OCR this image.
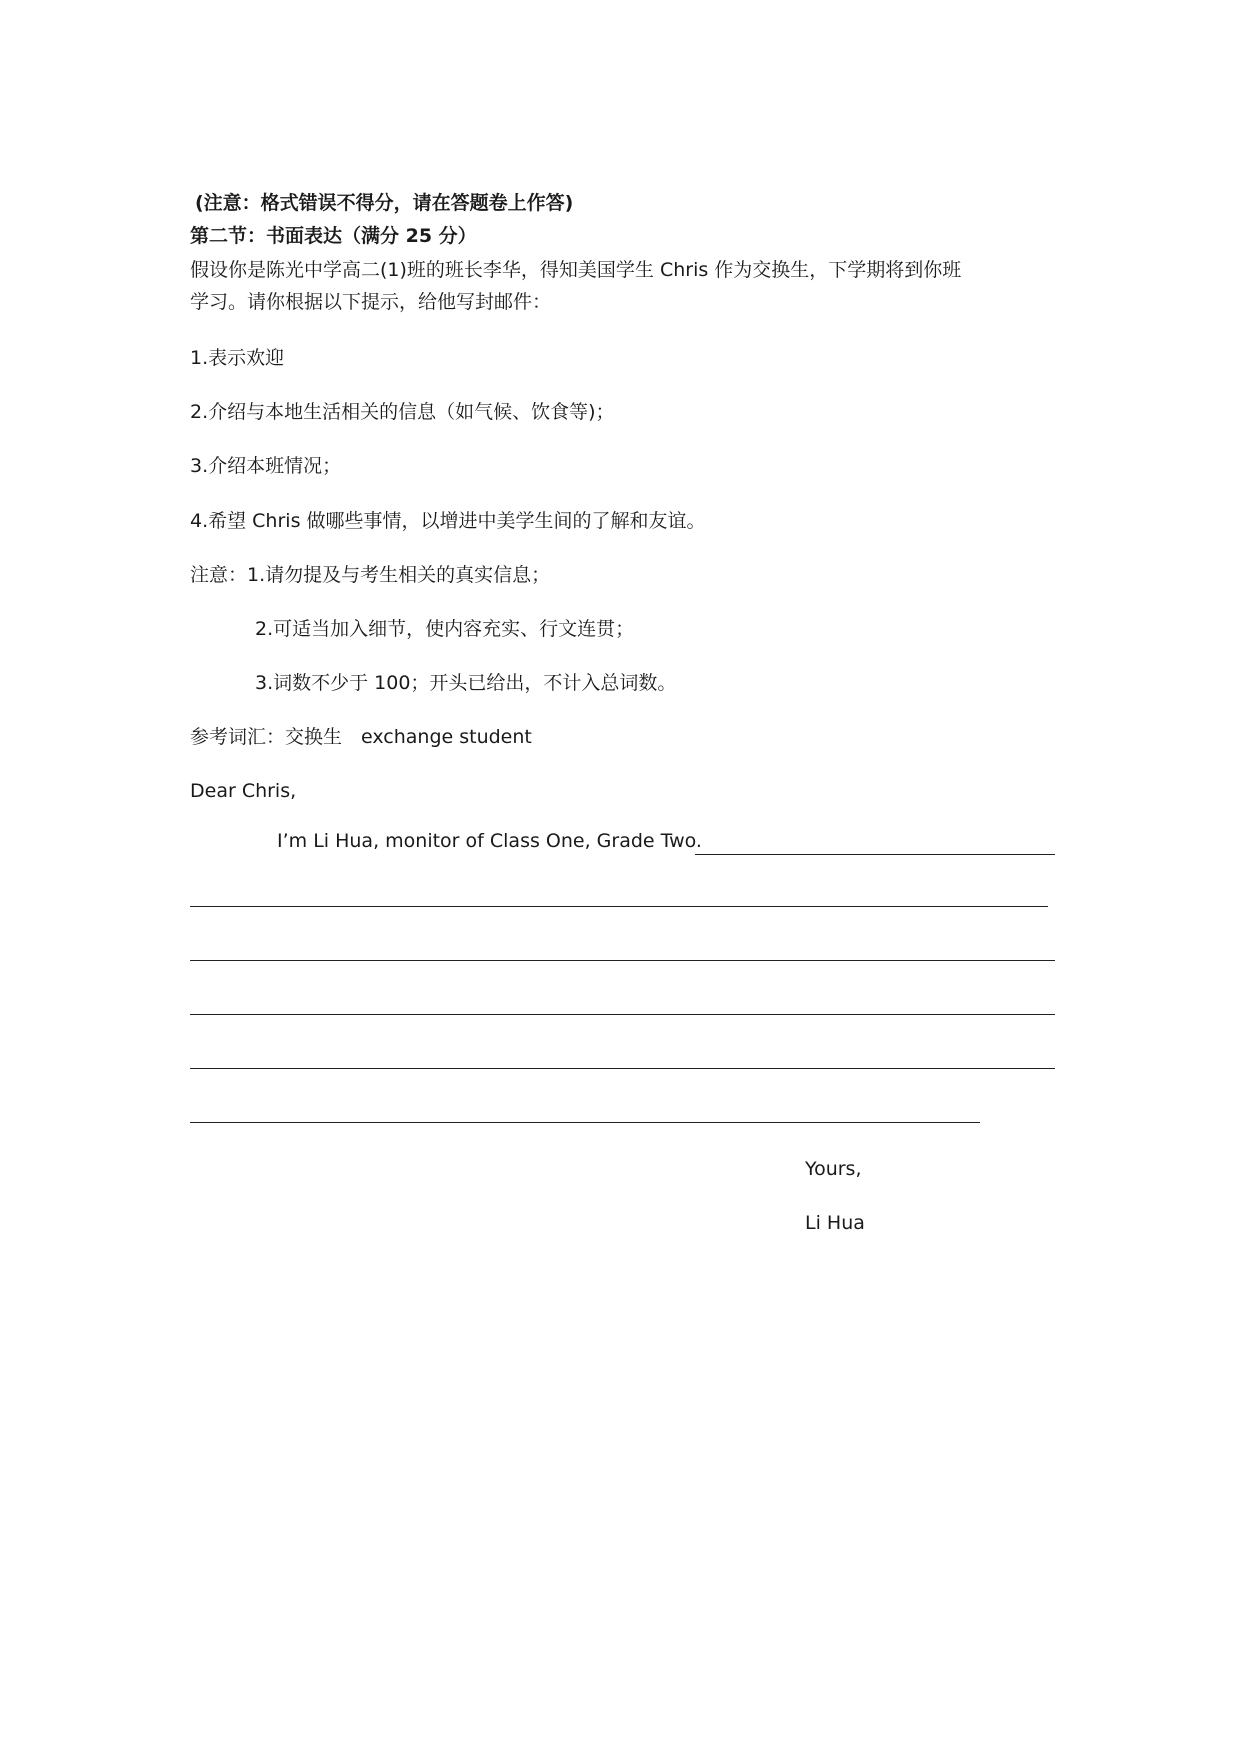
(注意：格式错误不得分，请在答题卷上作答)
第二节：书面表达（满分 25 分）
假设你是陈光中学高二(1)班的班长李华，得知美国学生 Chris 作为交换生，下学期将到你班
学习。请你根据以下提示，给他写封邮件：
1.表示欢迎
2.介绍与本地生活相关的信息（如气候、饮食等)；
3.介绍本班情况；
4.希望 Chris 做哪些事情，以增进中美学生间的了解和友谊。
注意：1.请勿提及与考生相关的真实信息；
2.可适当加入细节，使内容充实、行文连贯；
3.词数不少于 100；开头已给出，不计入总词数。
参考词汇：交换生　exchange student
Dear Chris,
I’m Li Hua, monitor of Class One, Grade Two.
Yours,
Li Hua
